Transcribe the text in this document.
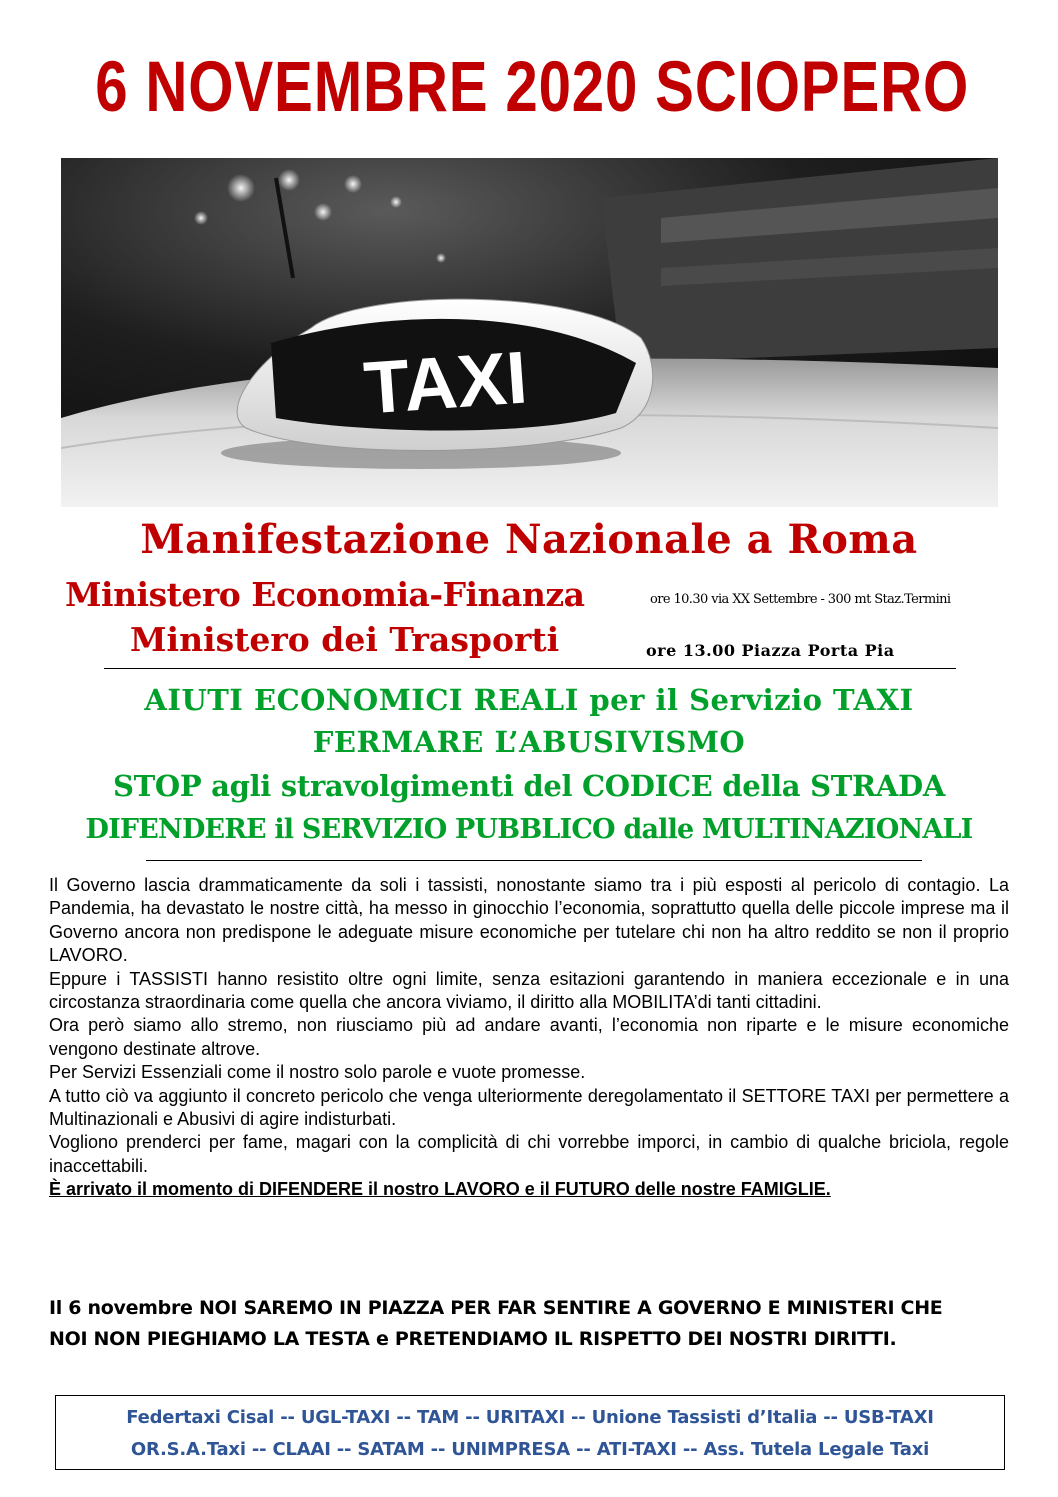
6 NOVEMBRE 2020 SCIOPERO
TAXI
Manifestazione Nazionale a Roma
Ministero Economia-Finanza	ore 10.30 via XX Settembre - 300 mt Staz.Termini
Ministero dei Trasporti	ore 13.00 Piazza Porta Pia
AIUTI ECONOMICI REALI per il Servizio TAXI
FERMARE L’ABUSIVISMO
STOP agli stravolgimenti del CODICE della STRADA
DIFENDERE il SERVIZIO PUBBLICO dalle MULTINAZIONALI

Il Governo lascia drammaticamente da soli i tassisti, nonostante siamo tra i più esposti al pericolo di contagio. La Pandemia, ha devastato le nostre città, ha messo in ginocchio l’economia, soprattutto quella delle piccole imprese ma il Governo ancora non predispone le adeguate misure economiche per tutelare chi non ha altro reddito se non il proprio LAVORO.

Eppure i TASSISTI hanno resistito oltre ogni limite, senza esitazioni garantendo in maniera eccezionale e in una circostanza straordinaria come quella che ancora viviamo, il diritto alla MOBILITA’di tanti cittadini.

Ora però siamo allo stremo, non riusciamo più ad andare avanti, l’economia non riparte e le misure economiche vengono destinate altrove.

Per Servizi Essenziali come il nostro solo parole e vuote promesse.

A tutto ciò va aggiunto il concreto pericolo che venga ulteriormente deregolamentato il SETTORE TAXI per permettere a Multinazionali e Abusivi di agire indisturbati.

Vogliono prenderci per fame, magari con la complicità di chi vorrebbe imporci, in cambio di qualche briciola, regole inaccettabili.

È arrivato il momento di DIFENDERE il nostro LAVORO e il FUTURO delle nostre FAMIGLIE.

Il 6 novembre NOI SAREMO IN PIAZZA PER FAR SENTIRE A GOVERNO E MINISTERI CHE

NOI NON PIEGHIAMO LA TESTA e PRETENDIAMO IL RISPETTO DEI NOSTRI DIRITTI.

Federtaxi Cisal -- UGL-TAXI -- TAM -- URITAXI -- Unione Tassisti d’Italia -- USB-TAXI

OR.S.A.Taxi -- CLAAI -- SATAM -- UNIMPRESA -- ATI-TAXI -- Ass. Tutela Legale Taxi
